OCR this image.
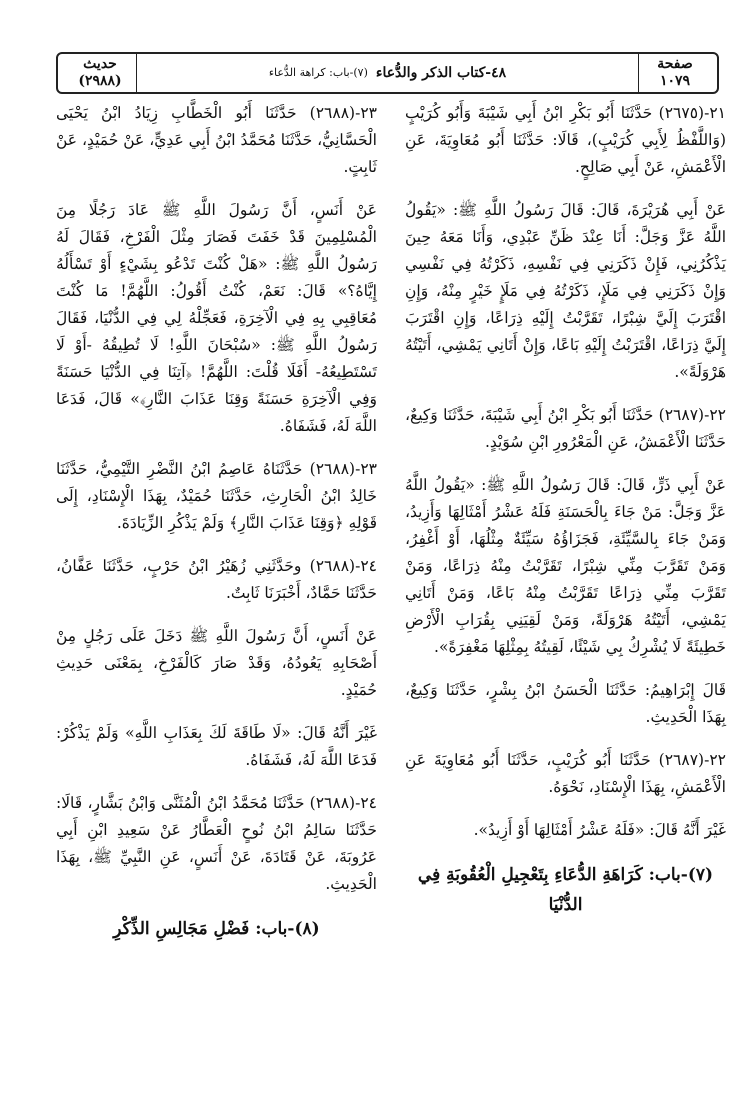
صفحة
١٠٧٩
٤٨-كتاب الذكر والدُّعاء
(٧)-باب: كراهة الدُّعاء
حديث
(٢٩٨٨)

٢١-(٢٦٧٥) حَدَّثَنَا أَبُو بَكْرِ ابْنُ أَبِي شَيْبَةَ وَأَبُو كُرَيْبٍ (وَاللَّفْظُ لِأَبِي كُرَيْبٍ)، قَالَا: حَدَّثَنَا أَبُو مُعَاوِيَةَ، عَنِ الْأَعْمَشِ، عَنْ أَبِي صَالِحٍ.

عَنْ أَبِي هُرَيْرَةَ، قَالَ: قَالَ رَسُولُ اللَّهِ ﷺ: «يَقُولُ اللَّهُ عَزَّ وَجَلَّ: أَنَا عِنْدَ ظَنِّ عَبْدِي، وَأَنَا مَعَهُ حِينَ يَذْكُرُنِي، فَإِنْ ذَكَرَنِي فِي نَفْسِهِ، ذَكَرْتُهُ فِي نَفْسِي وَإِنْ ذَكَرَنِي فِي مَلَإٍ، ذَكَرْتُهُ فِي مَلَإٍ خَيْرٍ مِنْهُ، وَإِنِ اقْتَرَبَ إِلَيَّ شِبْرًا، تَقَرَّبْتُ إِلَيْهِ ذِرَاعًا، وَإِنِ اقْتَرَبَ إِلَيَّ ذِرَاعًا، اقْتَرَبْتُ إِلَيْهِ بَاعًا، وَإِنْ أَتَانِي يَمْشِي، أَتَيْتُهُ هَرْوَلَةً».

٢٢-(٢٦٨٧) حَدَّثَنَا أَبُو بَكْرِ ابْنُ أَبِي شَيْبَةَ، حَدَّثَنَا وَكِيعٌ، حَدَّثَنَا الْأَعْمَشُ، عَنِ الْمَعْرُورِ ابْنِ سُوَيْدٍ.

عَنْ أَبِي ذَرٍّ، قَالَ: قَالَ رَسُولُ اللَّهِ ﷺ: «يَقُولُ اللَّهُ عَزَّ وَجَلَّ: مَنْ جَاءَ بِالْحَسَنَةِ فَلَهُ عَشْرُ أَمْثَالِهَا وَأَزِيدُ، وَمَنْ جَاءَ بِالسَّيِّئَةِ، فَجَزَاؤُهُ سَيِّئَةٌ مِثْلُهَا، أَوْ أَغْفِرُ، وَمَنْ تَقَرَّبَ مِنِّي شِبْرًا، تَقَرَّبْتُ مِنْهُ ذِرَاعًا، وَمَنْ تَقَرَّبَ مِنِّي ذِرَاعًا تَقَرَّبْتُ مِنْهُ بَاعًا، وَمَنْ أَتَانِي يَمْشِي، أَتَيْتُهُ هَرْوَلَةً، وَمَنْ لَقِيَنِي بِقُرَابِ الْأَرْضِ خَطِيئَةً لَا يُشْرِكُ بِي شَيْئًا، لَقِيتُهُ بِمِثْلِهَا مَغْفِرَةً».

قَالَ إِبْرَاهِيمُ: حَدَّثَنَا الْحَسَنُ ابْنُ بِشْرٍ، حَدَّثَنَا وَكِيعٌ، بِهَذَا الْحَدِيثِ.

٢٢-(٢٦٨٧) حَدَّثَنَا أَبُو كُرَيْبٍ، حَدَّثَنَا أَبُو مُعَاوِيَةَ عَنِ الْأَعْمَشِ، بِهَذَا الْإِسْنَادِ، نَحْوَهُ.

غَيْرَ أَنَّهُ قَالَ: «فَلَهُ عَشْرُ أَمْثَالِهَا أَوْ أَزِيدُ».

(٧)-باب: كَرَاهَةِ الدُّعَاءِ بِتَعْجِيلِ الْعُقُوبَةِ فِي الدُّنْيَا

٢٣-(٢٦٨٨) حَدَّثَنَا أَبُو الْخَطَّابِ زِيَادُ ابْنُ يَحْيَى الْحَسَّانِيُّ، حَدَّثَنَا مُحَمَّدُ ابْنُ أَبِي عَدِيٍّ، عَنْ حُمَيْدٍ، عَنْ ثَابِتٍ.

عَنْ أَنَسٍ، أَنَّ رَسُولَ اللَّهِ ﷺ عَادَ رَجُلًا مِنَ الْمُسْلِمِينَ قَدْ خَفَتَ فَصَارَ مِثْلَ الْفَرْخِ، فَقَالَ لَهُ رَسُولُ اللَّهِ ﷺ: «هَلْ كُنْتَ تَدْعُو بِشَيْءٍ أَوْ تَسْأَلُهُ إِيَّاهُ؟» قَالَ: نَعَمْ، كُنْتُ أَقُولُ: اللَّهُمَّ! مَا كُنْتَ مُعَاقِبِي بِهِ فِي الْآخِرَةِ، فَعَجِّلْهُ لِي فِي الدُّنْيَا، فَقَالَ رَسُولُ اللَّهِ ﷺ: «سُبْحَانَ اللَّهِ! لَا تُطِيقُهُ -أَوْ لَا تَسْتَطِيعُهُ- أَفَلَا قُلْتَ: اللَّهُمَّ! ﴿آتِنَا فِي الدُّنْيَا حَسَنَةً وَفِي الْآخِرَةِ حَسَنَةً وَقِنَا عَذَابَ النَّارِ﴾» قَالَ، فَدَعَا اللَّهَ لَهُ، فَشَفَاهُ.

٢٣-(٢٦٨٨) حَدَّثَنَاهُ عَاصِمُ ابْنُ النَّضْرِ التَّيْمِيُّ، حَدَّثَنَا خَالِدُ ابْنُ الْحَارِثِ، حَدَّثَنَا حُمَيْدٌ، بِهَذَا الْإِسْنَادِ، إِلَى قَوْلِهِ ﴿وَقِنَا عَذَابَ النَّارِ﴾ وَلَمْ يَذْكُرِ الزِّيَادَةَ.

٢٤-(٢٦٨٨) وحَدَّثَنِي زُهَيْرُ ابْنُ حَرْبٍ، حَدَّثَنَا عَفَّانُ، حَدَّثَنَا حَمَّادٌ، أَخْبَرَنَا ثَابِتٌ.

عَنْ أَنَسٍ، أَنَّ رَسُولَ اللَّهِ ﷺ دَخَلَ عَلَى رَجُلٍ مِنْ أَصْحَابِهِ يَعُودُهُ، وَقَدْ صَارَ كَالْفَرْخِ، بِمَعْنَى حَدِيثِ حُمَيْدٍ.

غَيْرَ أَنَّهُ قَالَ: «لَا طَاقَةَ لَكَ بِعَذَابِ اللَّهِ» وَلَمْ يَذْكُرْ: فَدَعَا اللَّهَ لَهُ، فَشَفَاهُ.

٢٤-(٢٦٨٨) حَدَّثَنَا مُحَمَّدُ ابْنُ الْمُثَنَّى وَابْنُ بَشَّارٍ، قَالَا: حَدَّثَنَا سَالِمُ ابْنُ نُوحٍ الْعَطَّارُ عَنْ سَعِيدِ ابْنِ أَبِي عَرُوبَةَ، عَنْ قَتَادَةَ، عَنْ أَنَسٍ، عَنِ النَّبِيِّ ﷺ، بِهَذَا الْحَدِيثِ.

(٨)-باب: فَضْلِ مَجَالِسِ الذِّكْرِ
